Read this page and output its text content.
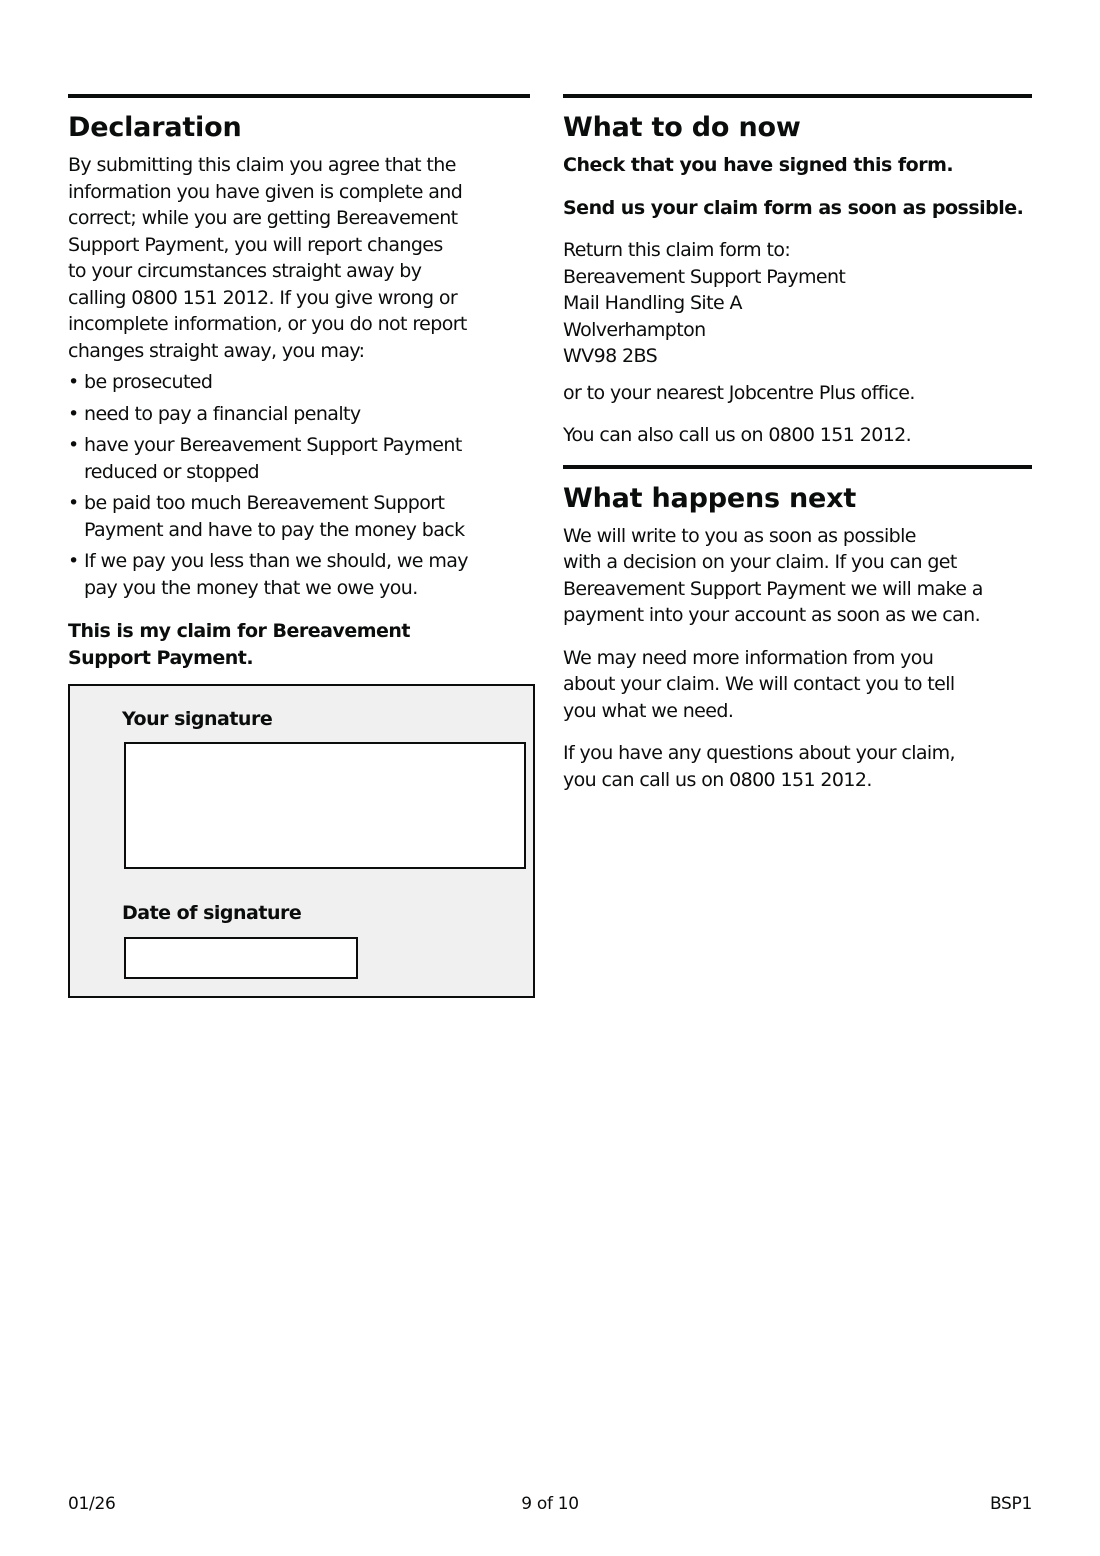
Declaration

By submitting this claim you agree that the
information you have given is complete and
correct; while you are getting Bereavement
Support Payment, you will report changes
to your circumstances straight away by
calling 0800 151 2012. If you give wrong or
incomplete information, or you do not report
changes straight away, you may:

• be prosecuted
• need to pay a financial penalty
• have your Bereavement Support Payment
reduced or stopped
• be paid too much Bereavement Support
Payment and have to pay the money back
• If we pay you less than we should, we may
pay you the money that we owe you.

This is my claim for Bereavement
Support Payment.

Your signature
Date of signature
What to do now

Check that you have signed this form.

Send us your claim form as soon as possible.

Return this claim form to:
Bereavement Support Payment
Mail Handling Site A
Wolverhampton
WV98 2BS

or to your nearest Jobcentre Plus office.

You can also call us on 0800 151 2012.

What happens next

We will write to you as soon as possible
with a decision on your claim. If you can get
Bereavement Support Payment we will make a
payment into your account as soon as we can.

We may need more information from you
about your claim. We will contact you to tell
you what we need.

If you have any questions about your claim,
you can call us on 0800 151 2012.

01/26	9 of 10	BSP1
